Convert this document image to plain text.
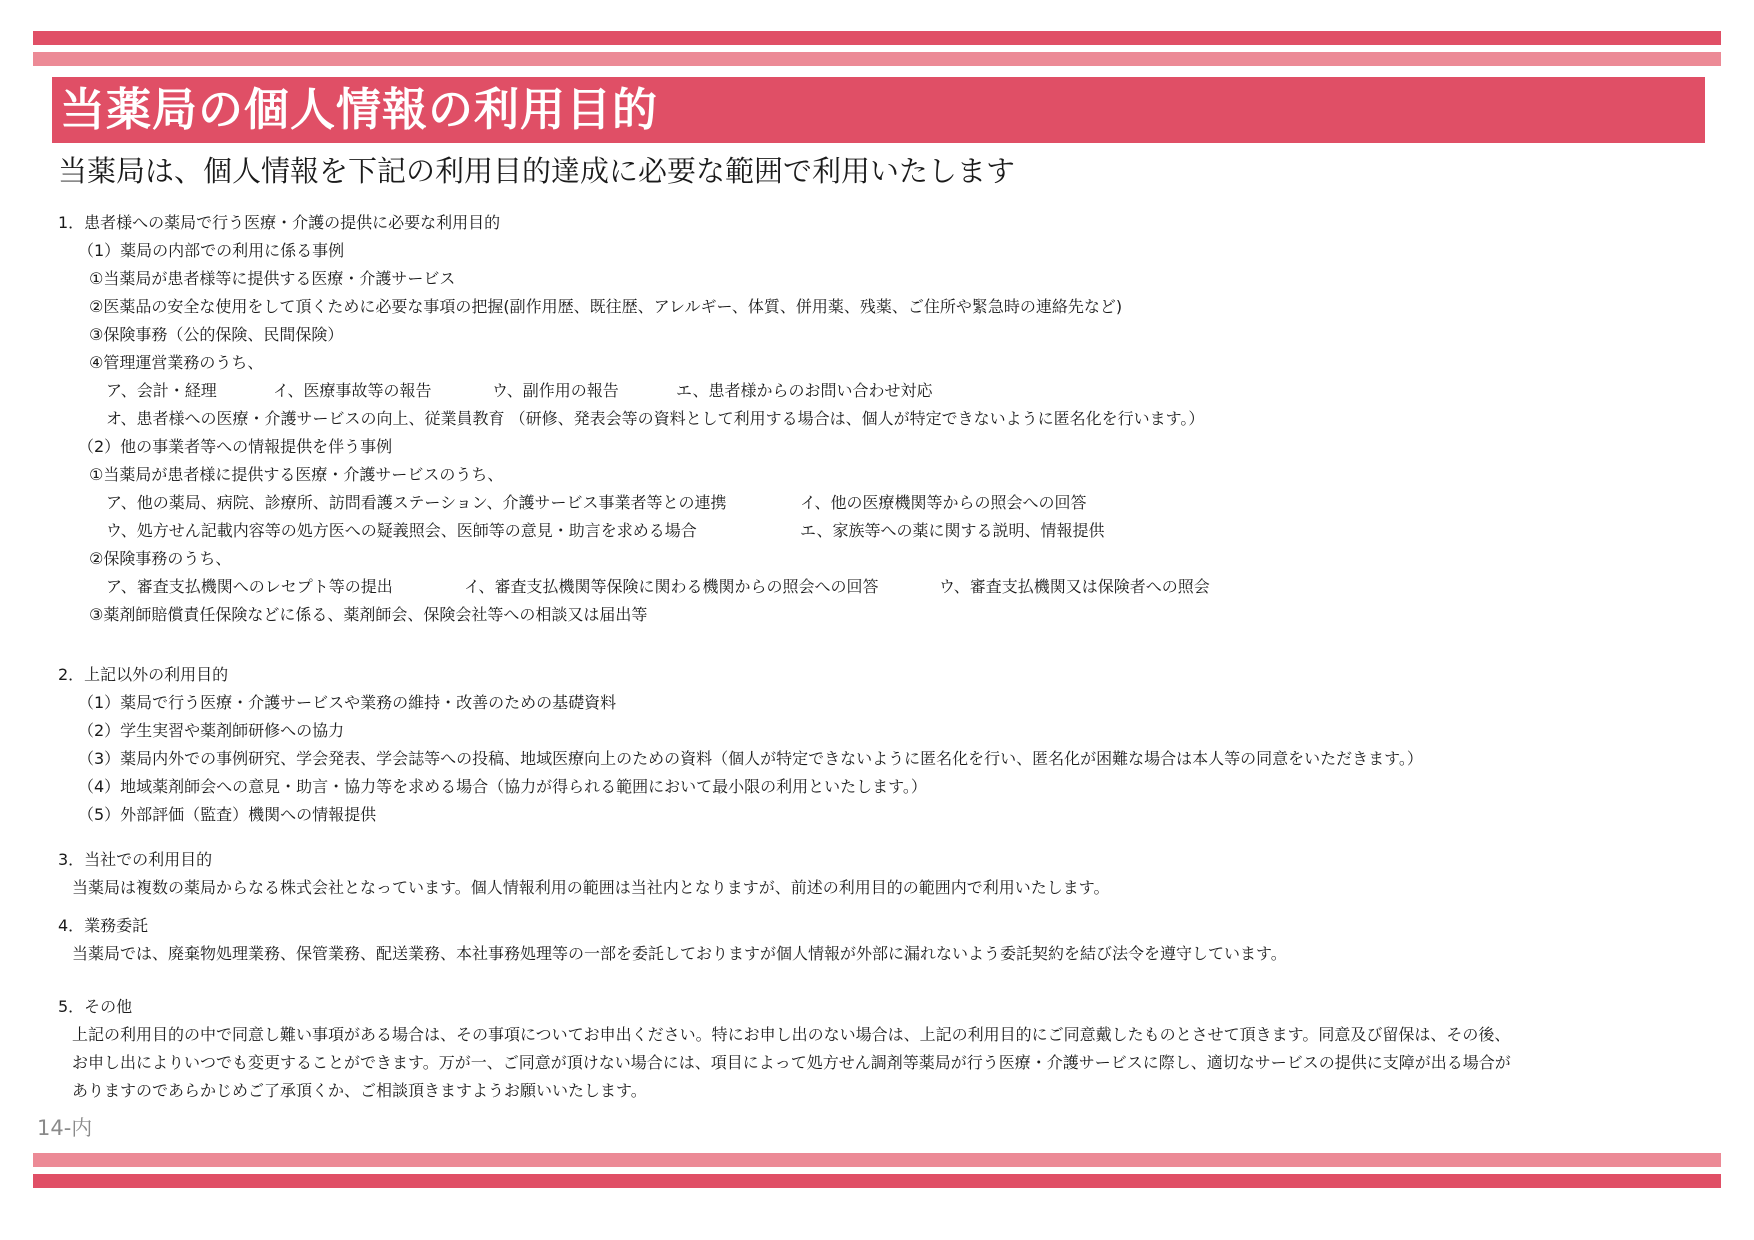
当薬局の個人情報の利用目的
当薬局は、個人情報を下記の利用目的達成に必要な範囲で利用いたします
1．患者様への薬局で行う医療・介護の提供に必要な利用目的
（1）薬局の内部での利用に係る事例
①当薬局が患者様等に提供する医療・介護サービス
②医薬品の安全な使用をして頂くために必要な事項の把握(副作用歴、既往歴、アレルギー、体質、併用薬、残薬、ご住所や緊急時の連絡先など)
③保険事務（公的保険、民間保険）
④管理運営業務のうち、
ア、会計・経理	イ、医療事故等の報告	ウ、副作用の報告	エ、患者様からのお問い合わせ対応
オ、患者様への医療・介護サービスの向上、従業員教育 （研修、発表会等の資料として利用する場合は、個人が特定できないように匿名化を行います。）
（2）他の事業者等への情報提供を伴う事例
①当薬局が患者様に提供する医療・介護サービスのうち、
ア、他の薬局、病院、診療所、訪問看護ステーション、介護サービス事業者等との連携	イ、他の医療機関等からの照会への回答
ウ、処方せん記載内容等の処方医への疑義照会、医師等の意見・助言を求める場合	エ、家族等への薬に関する説明、情報提供
②保険事務のうち、
ア、審査支払機関へのレセプト等の提出	イ、審査支払機関等保険に関わる機関からの照会への回答	ウ、審査支払機関又は保険者への照会
③薬剤師賠償責任保険などに係る、薬剤師会、保険会社等への相談又は届出等
2．上記以外の利用目的
（1）薬局で行う医療・介護サービスや業務の維持・改善のための基礎資料
（2）学生実習や薬剤師研修への協力
（3）薬局内外での事例研究、学会発表、学会誌等への投稿、地域医療向上のための資料（個人が特定できないように匿名化を行い、匿名化が困難な場合は本人等の同意をいただきます。）
（4）地域薬剤師会への意見・助言・協力等を求める場合（協力が得られる範囲において最小限の利用といたします。）
（5）外部評価（監査）機関への情報提供
3．当社での利用目的
当薬局は複数の薬局からなる株式会社となっています。個人情報利用の範囲は当社内となりますが、前述の利用目的の範囲内で利用いたします。
4．業務委託
当薬局では、廃棄物処理業務、保管業務、配送業務、本社事務処理等の一部を委託しておりますが個人情報が外部に漏れないよう委託契約を結び法令を遵守しています。
5．その他
上記の利用目的の中で同意し難い事項がある場合は、その事項についてお申出ください。特にお申し出のない場合は、上記の利用目的にご同意戴したものとさせて頂きます。同意及び留保は、その後、
お申し出によりいつでも変更することができます。万が一、ご同意が頂けない場合には、項目によって処方せん調剤等薬局が行う医療・介護サービスに際し、適切なサービスの提供に支障が出る場合が
ありますのであらかじめご了承頂くか、ご相談頂きますようお願いいたします。
14-内
